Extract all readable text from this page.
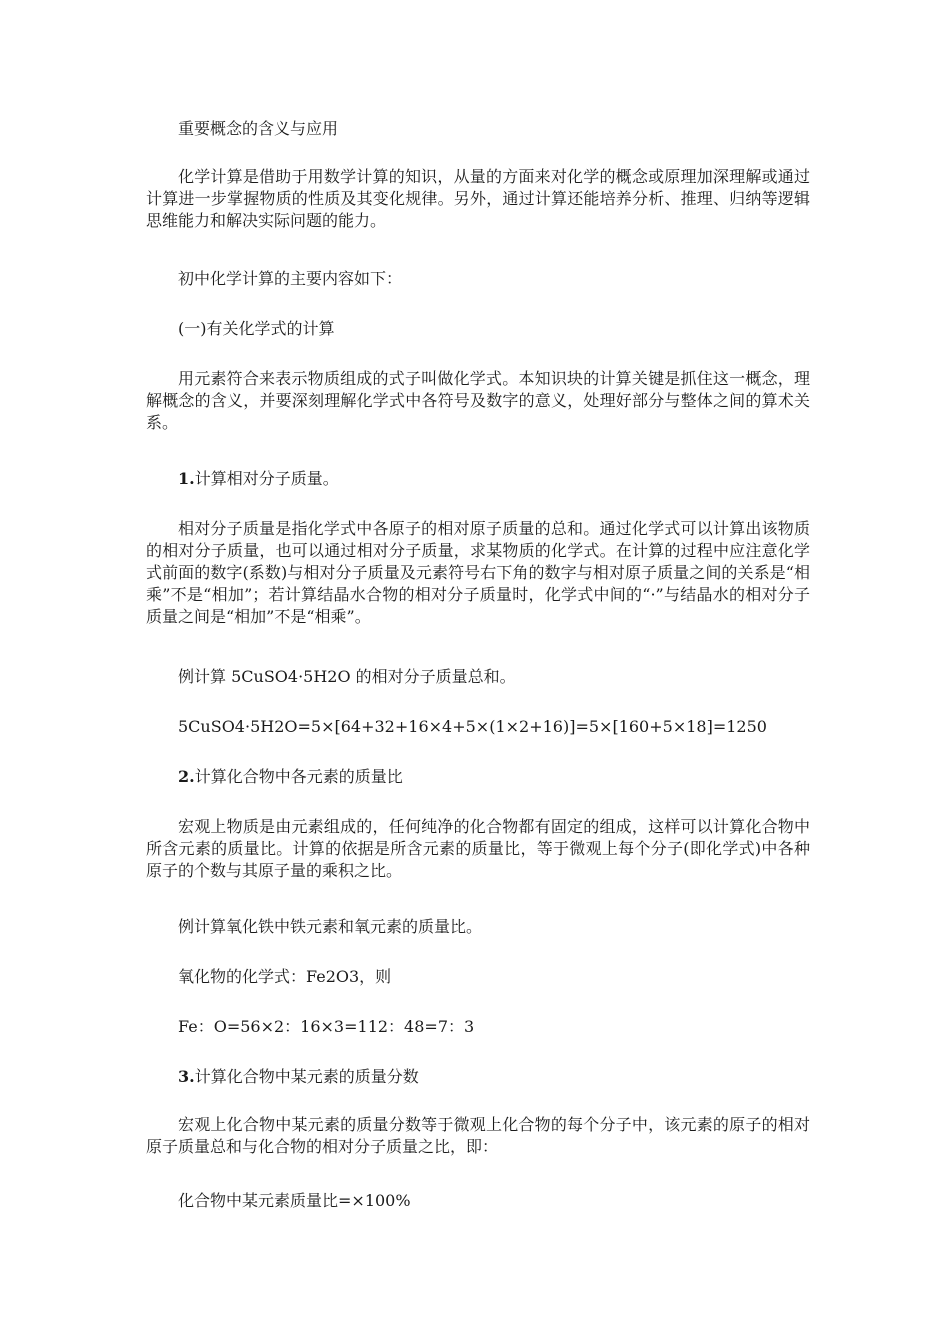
重要概念的含义与应用

化学计算是借助于用数学计算的知识，从量的方面来对化学的概念或原理加深理解或通过计算进一步掌握物质的性质及其变化规律。另外，通过计算还能培养分析、推理、归纳等逻辑思维能力和解决实际问题的能力。

初中化学计算的主要内容如下：

(一)有关化学式的计算

用元素符合来表示物质组成的式子叫做化学式。本知识块的计算关键是抓住这一概念，理解概念的含义，并要深刻理解化学式中各符号及数字的意义，处理好部分与整体之间的算术关系。

1.计算相对分子质量。

相对分子质量是指化学式中各原子的相对原子质量的总和。通过化学式可以计算出该物质的相对分子质量，也可以通过相对分子质量，求某物质的化学式。在计算的过程中应注意化学式前面的数字(系数)与相对分子质量及元素符号右下角的数字与相对原子质量之间的关系是“相乘”不是“相加”；若计算结晶水合物的相对分子质量时，化学式中间的“·”与结晶水的相对分子质量之间是“相加”不是“相乘”。

例计算 5CuSO4·5H2O 的相对分子质量总和。

5CuSO4·5H2O=5×[64+32+16×4+5×(1×2+16)]=5×[160+5×18]=1250

2.计算化合物中各元素的质量比

宏观上物质是由元素组成的，任何纯净的化合物都有固定的组成，这样可以计算化合物中所含元素的质量比。计算的依据是所含元素的质量比，等于微观上每个分子(即化学式)中各种原子的个数与其原子量的乘积之比。

例计算氧化铁中铁元素和氧元素的质量比。

氧化物的化学式：Fe2O3，则

Fe：O=56×2：16×3=112：48=7：3

3.计算化合物中某元素的质量分数

宏观上化合物中某元素的质量分数等于微观上化合物的每个分子中，该元素的原子的相对原子质量总和与化合物的相对分子质量之比，即：

化合物中某元素质量比=×100%
